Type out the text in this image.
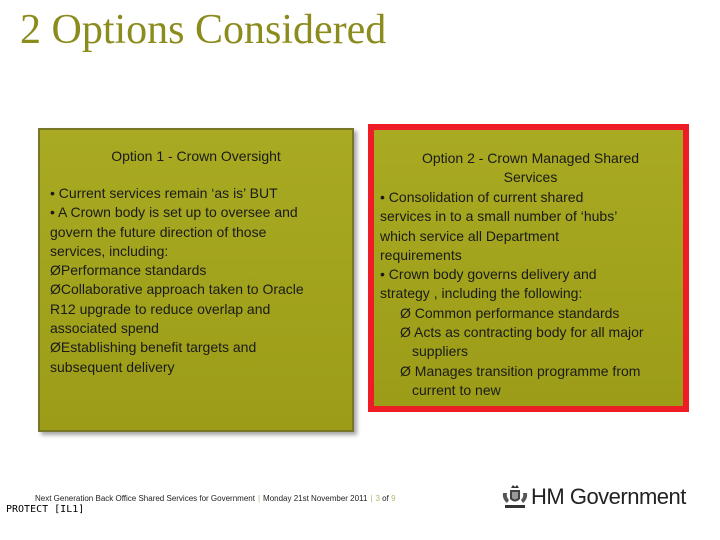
2 Options Considered
Option 1 - Crown Oversight
• Current services remain ‘as is’ BUT
• A Crown body is set up to oversee and
govern the future direction of those
services, including:
ØPerformance standards
ØCollaborative approach taken to Oracle
R12 upgrade to reduce overlap and
associated spend
ØEstablishing benefit targets and
subsequent delivery
Option 2 - Crown Managed Shared
Services
• Consolidation of current shared
services in to a small number of ‘hubs’
which service all Department
requirements
• Crown body governs delivery and
strategy , including the following:
Ø Common performance standards
Ø Acts as contracting body for all major
suppliers
Ø Manages transition programme from
current to new
Next Generation Back Office Shared Services for Government | Monday 21st November 2011 | 3 of 9
PROTECT [IL1]
HM Government
